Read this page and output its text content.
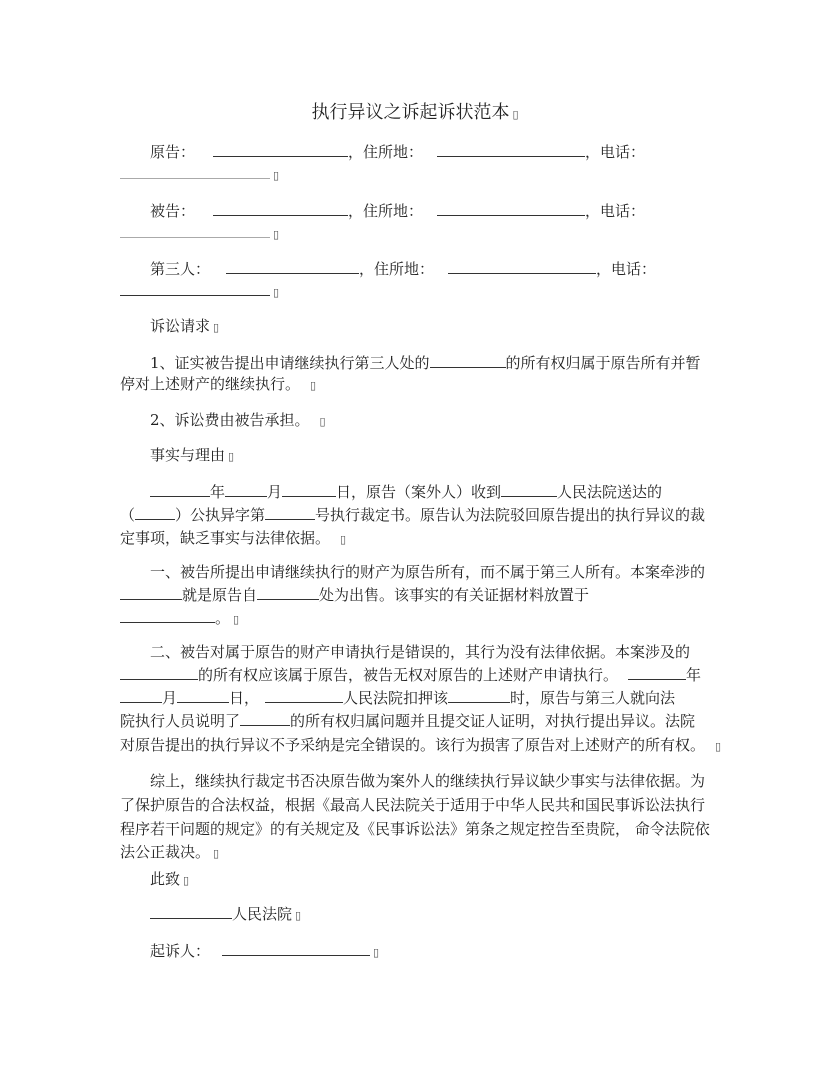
执行异议之诉起诉状范本 ▯
原告：	，住所地：	，电话：
▯
被告：	，住所地：	，电话：
▯
第三人：	，住所地：	，电话：
▯
诉讼请求 ▯
1、证实被告提出申请继续执行第三人处的	的所有权归属于原告所有并暂
停对上述财产的继续执行。 ▯
2、诉讼费由被告承担。 ▯
事实与理由 ▯
年	月	日，原告（案外人）收到	人民法院送达的
（	）公执异字第	号执行裁定书。原告认为法院驳回原告提出的执行异议的裁
定事项，缺乏事实与法律依据。 ▯
一、被告所提出申请继续执行的财产为原告所有，而不属于第三人所有。本案牵涉的
就是原告自	处为出售。该事实的有关证据材料放置于
。 ▯
二、被告对属于原告的财产申请执行是错误的，其行为没有法律依据。本案涉及的
的所有权应该属于原告，被告无权对原告的上述财产申请执行。	年
月	日，	人民法院扣押该	时，原告与第三人就向法
院执行人员说明了	的所有权归属问题并且提交证人证明，对执行提出异议。法院
对原告提出的执行异议不予采纳是完全错误的。该行为损害了原告对上述财产的所有权。 ▯
综上，继续执行裁定书否决原告做为案外人的继续执行异议缺少事实与法律依据。为
了保护原告的合法权益，根据《最高人民法院关于适用于中华人民共和国民事诉讼法执行
程序若干问题的规定》的有关规定及《民事诉讼法》第条之规定控告至贵院， 命令法院依
法公正裁决。 ▯
此致 ▯
人民法院 ▯
起诉人：	▯
